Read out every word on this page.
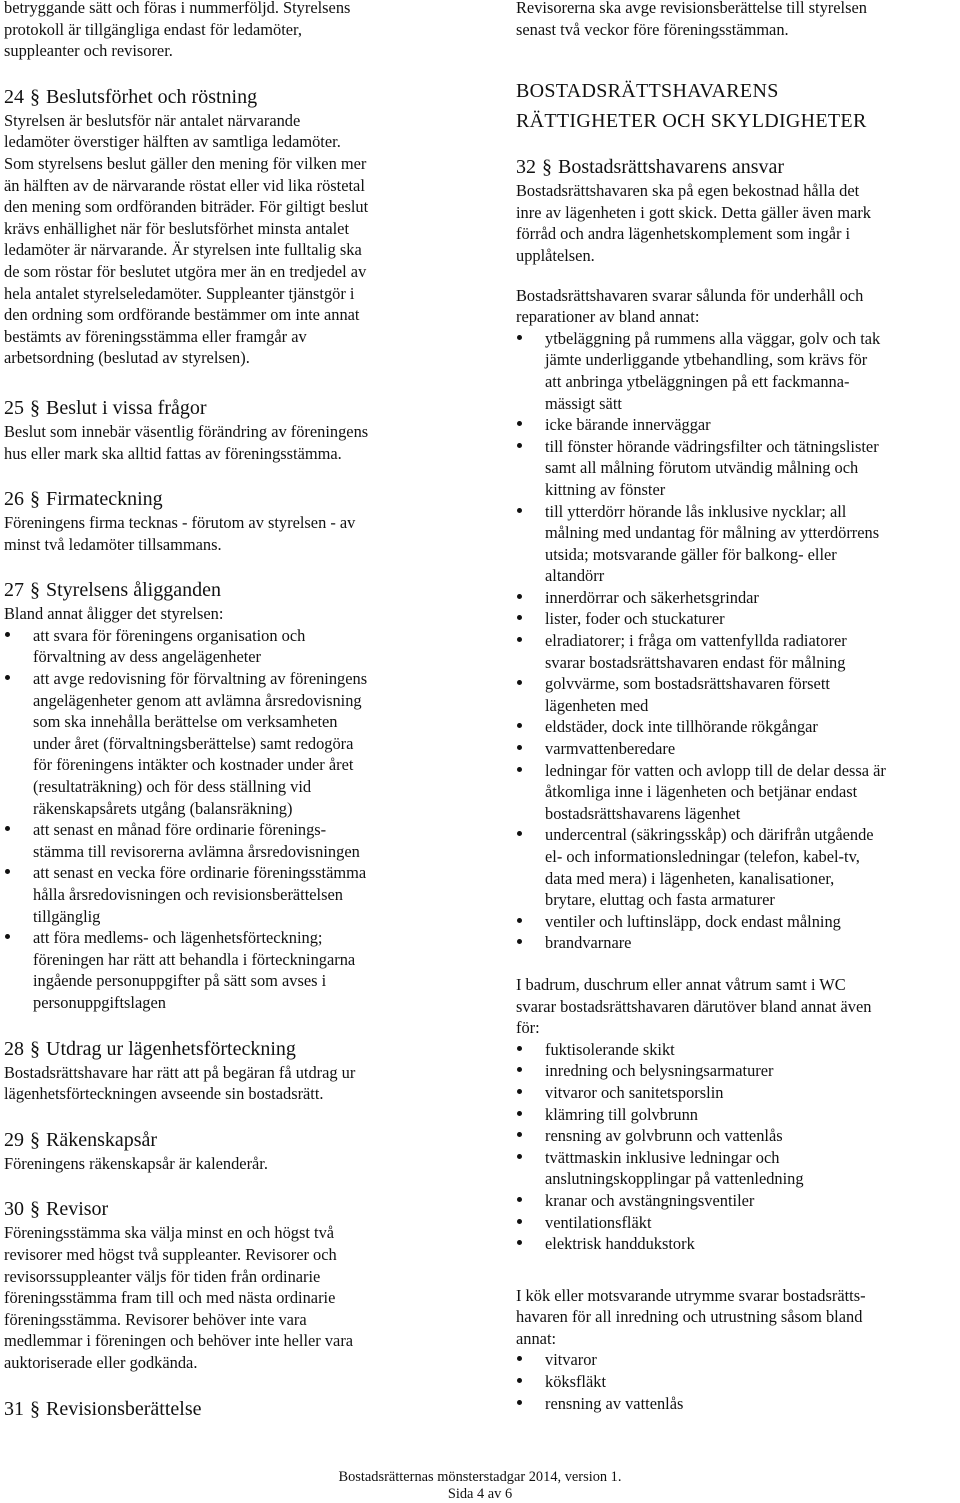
betryggande sätt och föras i nummerföljd. Styrelsens
protokoll är tillgängliga endast för ledamöter,
suppleanter och revisorer.

24 § Beslutsförhet och röstning

Styrelsen är beslutsför när antalet närvarande
ledamöter överstiger hälften av samtliga ledamöter.
Som styrelsens beslut gäller den mening för vilken mer
än hälften av de närvarande röstat eller vid lika röstetal
den mening som ordföranden biträder. För giltigt beslut
krävs enhällighet när för beslutsförhet minsta antalet
ledamöter är närvarande. Är styrelsen inte fulltalig ska
de som röstar för beslutet utgöra mer än en tredjedel av
hela antalet styrelseledamöter. Suppleanter tjänstgör i
den ordning som ordförande bestämmer om inte annat
bestämts av föreningsstämma eller framgår av
arbetsordning (beslutad av styrelsen).

25 § Beslut i vissa frågor

Beslut som innebär väsentlig förändring av föreningens
hus eller mark ska alltid fattas av föreningsstämma.

26 § Firmateckning

Föreningens firma tecknas - förutom av styrelsen - av
minst två ledamöter tillsammans.

27 § Styrelsens åligganden

Bland annat åligger det styrelsen:

att svara för föreningens organisation och
förvaltning av dess angelägenheter
att avge redovisning för förvaltning av föreningens
angelägenheter genom att avlämna årsredovisning
som ska innehålla berättelse om verksamheten
under året (förvaltningsberättelse) samt redogöra
för föreningens intäkter och kostnader under året
(resultaträkning) och för dess ställning vid
räkenskapsårets utgång (balansräkning)
att senast en månad före ordinarie förenings-
stämma till revisorerna avlämna årsredovisningen
att senast en vecka före ordinarie föreningsstämma
hålla årsredovisningen och revisionsberättelsen
tillgänglig
att föra medlems- och lägenhetsförteckning;
föreningen har rätt att behandla i förteckningarna
ingående personuppgifter på sätt som avses i
personuppgiftslagen
28 § Utdrag ur lägenhetsförteckning

Bostadsrättshavare har rätt att på begäran få utdrag ur
lägenhetsförteckningen avseende sin bostadsrätt.

29 § Räkenskapsår

Föreningens räkenskapsår är kalenderår.

30 § Revisor

Föreningsstämma ska välja minst en och högst två
revisorer med högst två suppleanter. Revisorer och
revisorssuppleanter väljs för tiden från ordinarie
föreningsstämma fram till och med nästa ordinarie
föreningsstämma. Revisorer behöver inte vara
medlemmar i föreningen och behöver inte heller vara
auktoriserade eller godkända.

31 § Revisionsberättelse

Revisorerna ska avge revisionsberättelse till styrelsen
senast två veckor före föreningsstämman.

BOSTADSRÄTTSHAVARENS
RÄTTIGHETER OCH SKYLDIGHETER
32 § Bostadsrättshavarens ansvar

Bostadsrättshavaren ska på egen bekostnad hålla det
inre av lägenheten i gott skick. Detta gäller även mark
förråd och andra lägenhetskomplement som ingår i
upplåtelsen.

Bostadsrättshavaren svarar sålunda för underhåll och
reparationer av bland annat:

ytbeläggning på rummens alla väggar, golv och tak
jämte underliggande ytbehandling, som krävs för
att anbringa ytbeläggningen på ett fackmanna-
mässigt sätt
icke bärande innerväggar
till fönster hörande vädringsfilter och tätningslister
samt all målning förutom utvändig målning och
kittning av fönster
till ytterdörr hörande lås inklusive nycklar; all
målning med undantag för målning av ytterdörrens
utsida; motsvarande gäller för balkong- eller
altandörr
innerdörrar och säkerhetsgrindar
lister, foder och stuckaturer
elradiatorer; i fråga om vattenfyllda radiatorer
svarar bostadsrättshavaren endast för målning
golvvärme, som bostadsrättshavaren försett
lägenheten med
eldstäder, dock inte tillhörande rökgångar
varmvattenberedare
ledningar för vatten och avlopp till de delar dessa är
åtkomliga inne i lägenheten och betjänar endast
bostadsrättshavarens lägenhet
undercentral (säkringsskåp) och därifrån utgående
el- och informationsledningar (telefon, kabel-tv,
data med mera) i lägenheten, kanalisationer,
brytare, eluttag och fasta armaturer
ventiler och luftinsläpp, dock endast målning
brandvarnare

I badrum, duschrum eller annat våtrum samt i WC
svarar bostadsrättshavaren därutöver bland annat även
för:

fuktisolerande skikt
inredning och belysningsarmaturer
vitvaror och sanitetsporslin
klämring till golvbrunn
rensning av golvbrunn och vattenlås
tvättmaskin inklusive ledningar och
anslutningskopplingar på vattenledning
kranar och avstängningsventiler
ventilationsfläkt
elektrisk handdukstork

I kök eller motsvarande utrymme svarar bostadsrätts-
havaren för all inredning och utrustning såsom bland
annat:

vitvaror
köksfläkt
rensning av vattenlås
Bostadsrätternas mönsterstadgar 2014, version 1.
Sida 4 av 6
